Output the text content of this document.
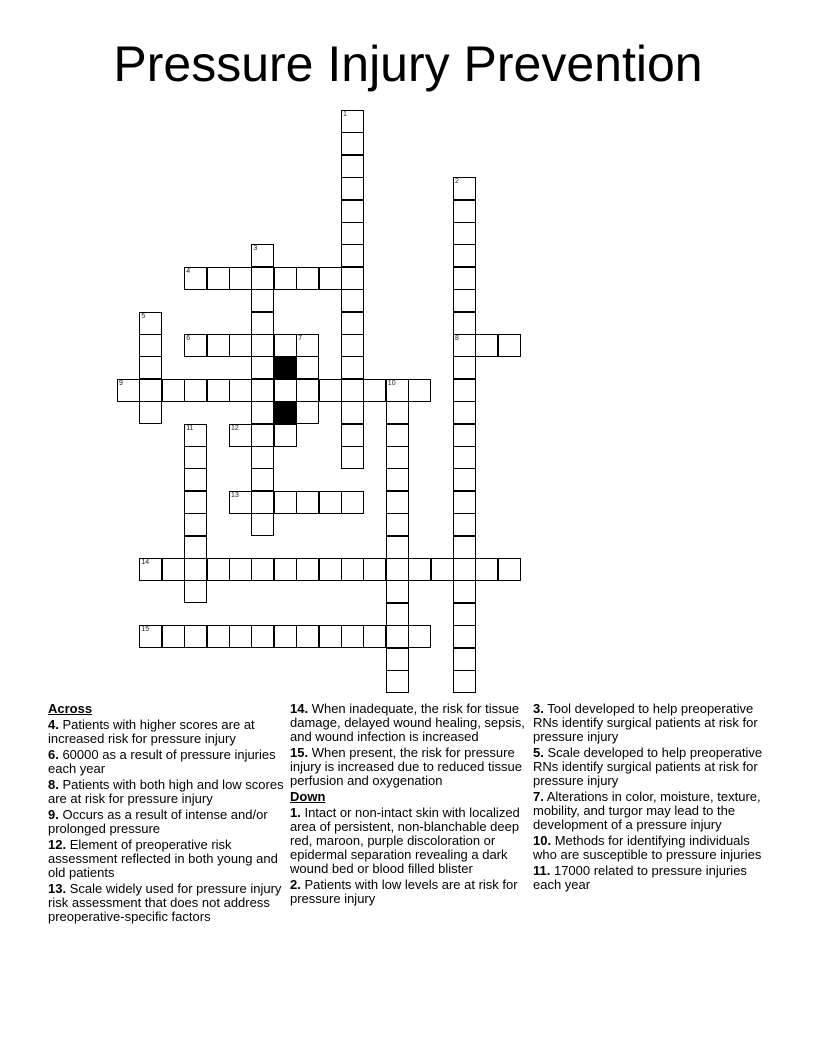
Pressure Injury Prevention
1
2
8
3
4
5
6	7
9	10
11	12
13
14
15
Across
4. Patients with higher scores are at increased risk for pressure injury
6. 60000 as a result of pressure injuries each year
8. Patients with both high and low scores are at risk for pressure injury
9. Occurs as a result of intense and/or prolonged pressure
12. Element of preoperative risk assessment reflected in both young and old patients
13. Scale widely used for pressure injury risk assessment that does not address preoperative-specific factors
14. When inadequate, the risk for tissue damage, delayed wound healing, sepsis, and wound infection is increased
15. When present, the risk for pressure injury is increased due to reduced tissue perfusion and oxygenation
Down
1. Intact or non-intact skin with localized area of persistent, non-blanchable deep red, maroon, purple discoloration or epidermal separation revealing a dark wound bed or blood filled blister
2. Patients with low levels are at risk for pressure injury
3. Tool developed to help preoperative RNs identify surgical patients at risk for pressure injury
5. Scale developed to help preoperative RNs identify surgical patients at risk for pressure injury
7. Alterations in color, moisture, texture, mobility, and turgor may lead to the development of a pressure injury
10. Methods for identifying individuals who are susceptible to pressure injuries
11. 17000 related to pressure injuries each year
